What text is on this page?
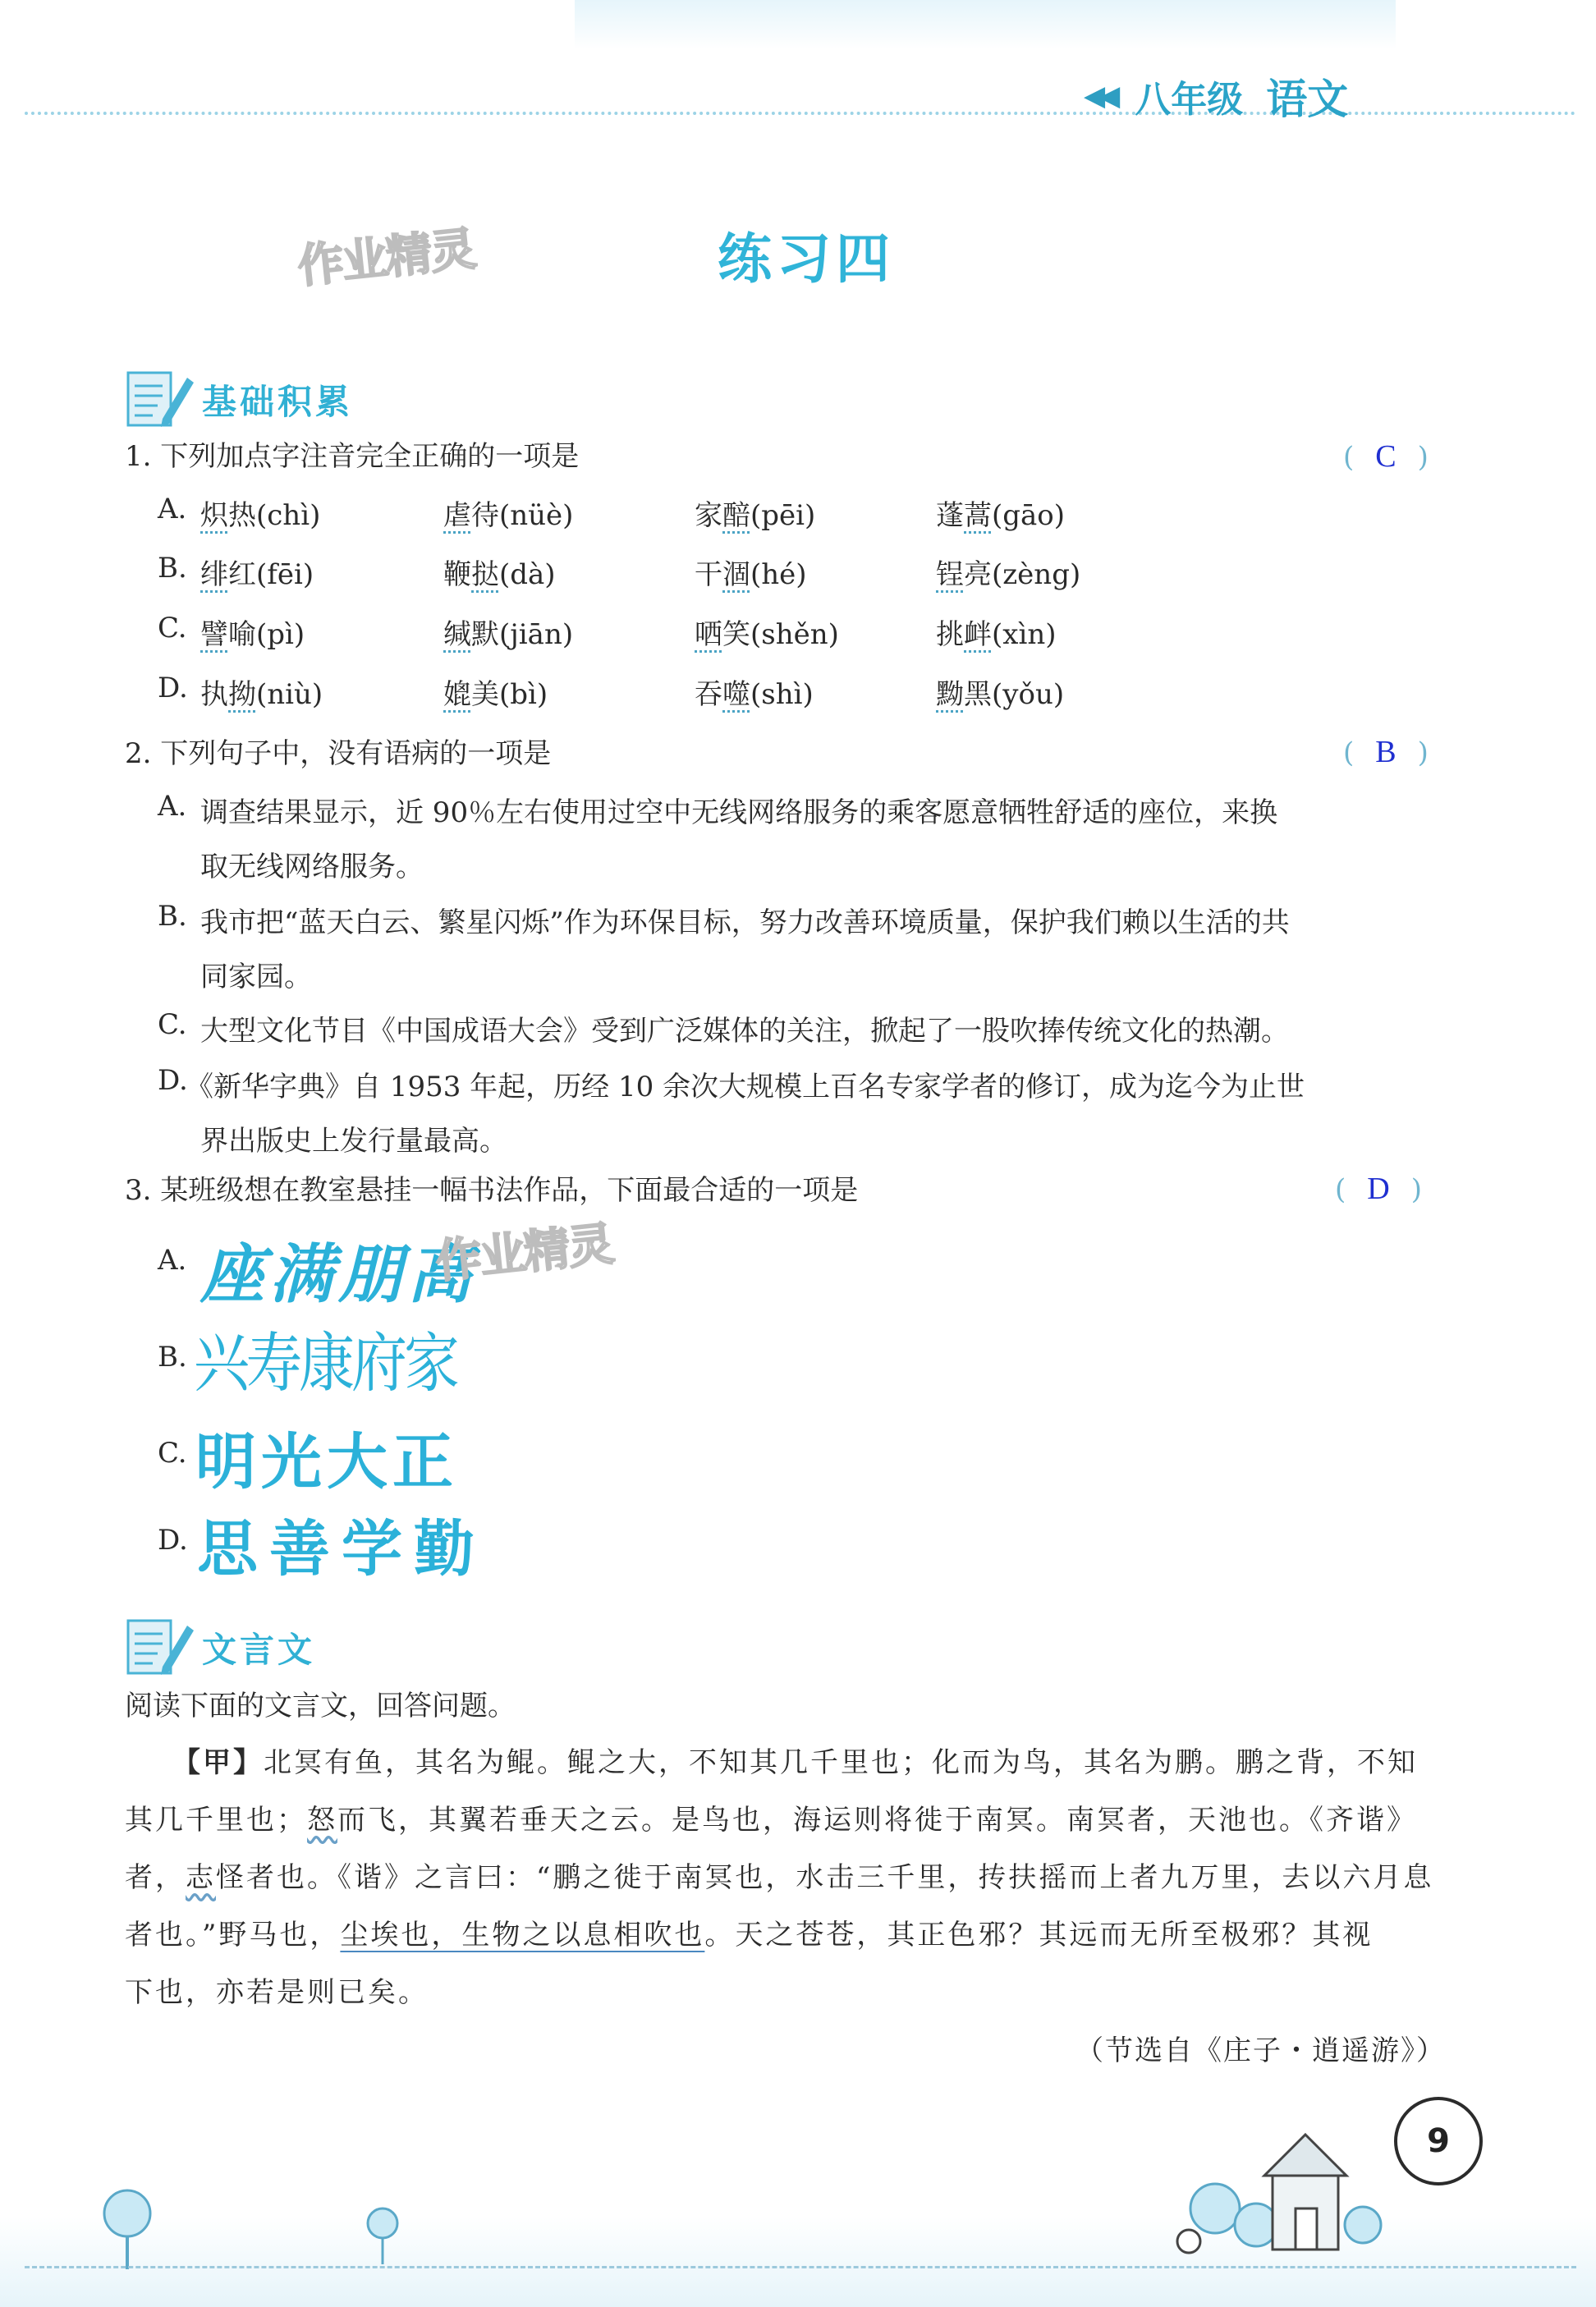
◀◀ 八年级 语文
作业精灵	练习四
基础积累
1. 下列加点字注音完全正确的一项是	( C )
A. 炽热(chì)	虐待(nüè)	家醅(pēi)	蓬蒿(gāo)
B. 绯红(fēi)	鞭挞(dà)	干涸(hé)	锃亮(zèng)
C. 譬喻(pì)	缄默(jiān)	哂笑(shěn)	挑衅(xìn)
D. 执拗(niù)	媲美(bì)	吞噬(shì)	黝黑(yǒu)
2. 下列句子中，没有语病的一项是	( B )
A. 调查结果显示，近 90％左右使用过空中无线网络服务的乘客愿意牺牲舒适的座位，来换
取无线网络服务。
B. 我市把“蓝天白云、繁星闪烁”作为环保目标，努力改善环境质量，保护我们赖以生活的共
同家园。
C. 大型文化节目《中国成语大会》受到广泛媒体的关注，掀起了一股吹捧传统文化的热潮。
D.
《新华字典》自 1953 年起，历经 10 余次大规模上百名专家学者的修订，成为迄今为止世
界出版史上发行量最高。
3. 某班级想在教室悬挂一幅书法作品，下面最合适的一项是	( D )
A. 座满朋高
作业精灵
B. 兴寿康府家
C. 明光大正
D. 思善学勤
文言文
阅读下面的文言文，回答问题。
【甲】北冥有鱼，其名为鲲。鲲之大，不知其几千里也；化而为鸟，其名为鹏。鹏之背，不知
其几千里也；怒而飞，其翼若垂天之云。是鸟也，海运则将徙于南冥。南冥者，天池也。《齐谐》
者，志怪者也。《谐》之言曰：“鹏之徙于南冥也，水击三千里，抟扶摇而上者九万里，去以六月息
者也。”野马也，尘埃也，生物之以息相吹也。天之苍苍，其正色邪？其远而无所至极邪？其视
下也，亦若是则已矣。
（节选自《庄子・逍遥游》）
9
